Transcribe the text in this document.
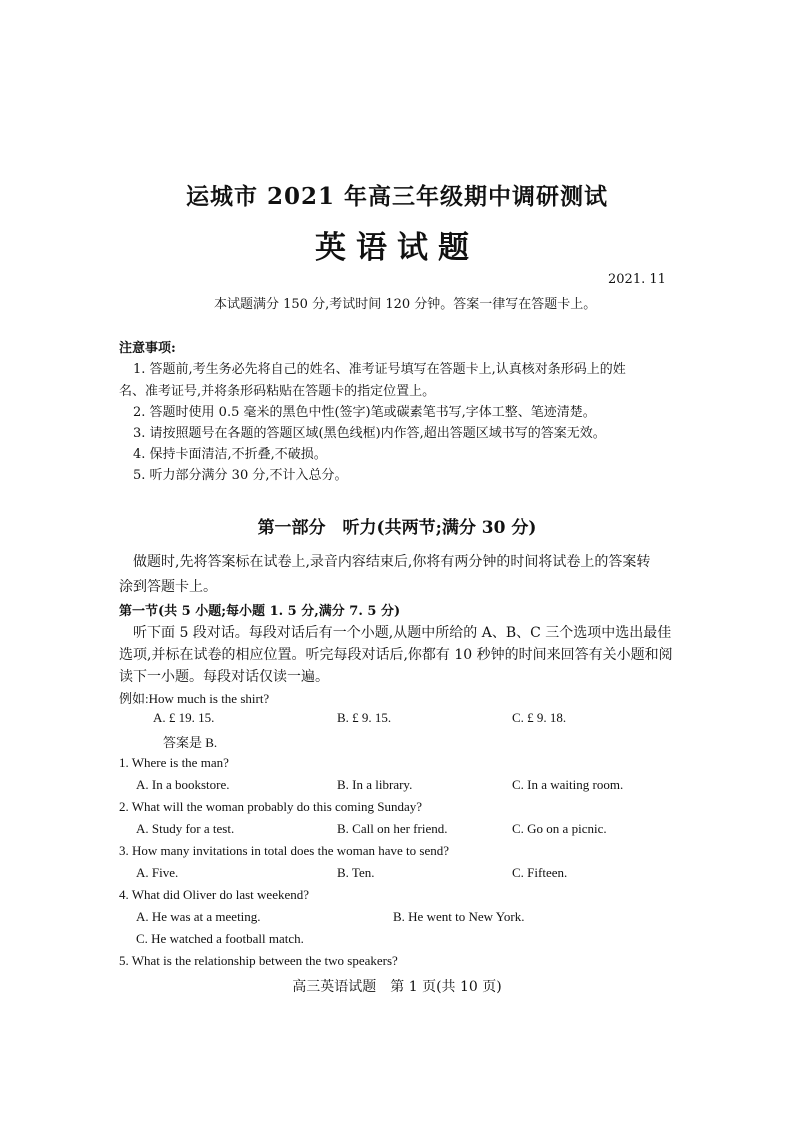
运城市 2021 年高三年级期中调研测试
英语试题
2021. 11
本试题满分 150 分,考试时间 120 分钟。答案一律写在答题卡上。
注意事项:
1. 答题前,考生务必先将自己的姓名、准考证号填写在答题卡上,认真核对条形码上的姓
名、准考证号,并将条形码粘贴在答题卡的指定位置上。
2. 答题时使用 0.5 毫米的黑色中性(签字)笔或碳素笔书写,字体工整、笔迹清楚。
3. 请按照题号在各题的答题区域(黑色线框)内作答,超出答题区域书写的答案无效。
4. 保持卡面清洁,不折叠,不破损。
5. 听力部分满分 30 分,不计入总分。
第一部分　听力(共两节;满分 30 分)
做题时,先将答案标在试卷上,录音内容结束后,你将有两分钟的时间将试卷上的答案转
涂到答题卡上。
第一节(共 5 小题;每小题 1. 5 分,满分 7. 5 分)
听下面 5 段对话。每段对话后有一个小题,从题中所给的 A、B、C 三个选项中选出最佳
选项,并标在试卷的相应位置。听完每段对话后,你都有 10 秒钟的时间来回答有关小题和阅
读下一小题。每段对话仅读一遍。
例如:How much is the shirt?
A. £ 19. 15.	B. £ 9. 15.	C. £ 9. 18.
答案是 B.
1. Where is the man?
A. In a bookstore.	B. In a library.	C. In a waiting room.
2. What will the woman probably do this coming Sunday?
A. Study for a test.	B. Call on her friend.	C. Go on a picnic.
3. How many invitations in total does the woman have to send?
A. Five.	B. Ten.	C. Fifteen.
4. What did Oliver do last weekend?
A. He was at a meeting.	B. He went to New York.
C. He watched a football match.
5. What is the relationship between the two speakers?
高三英语试题　第 1 页(共 10 页)
